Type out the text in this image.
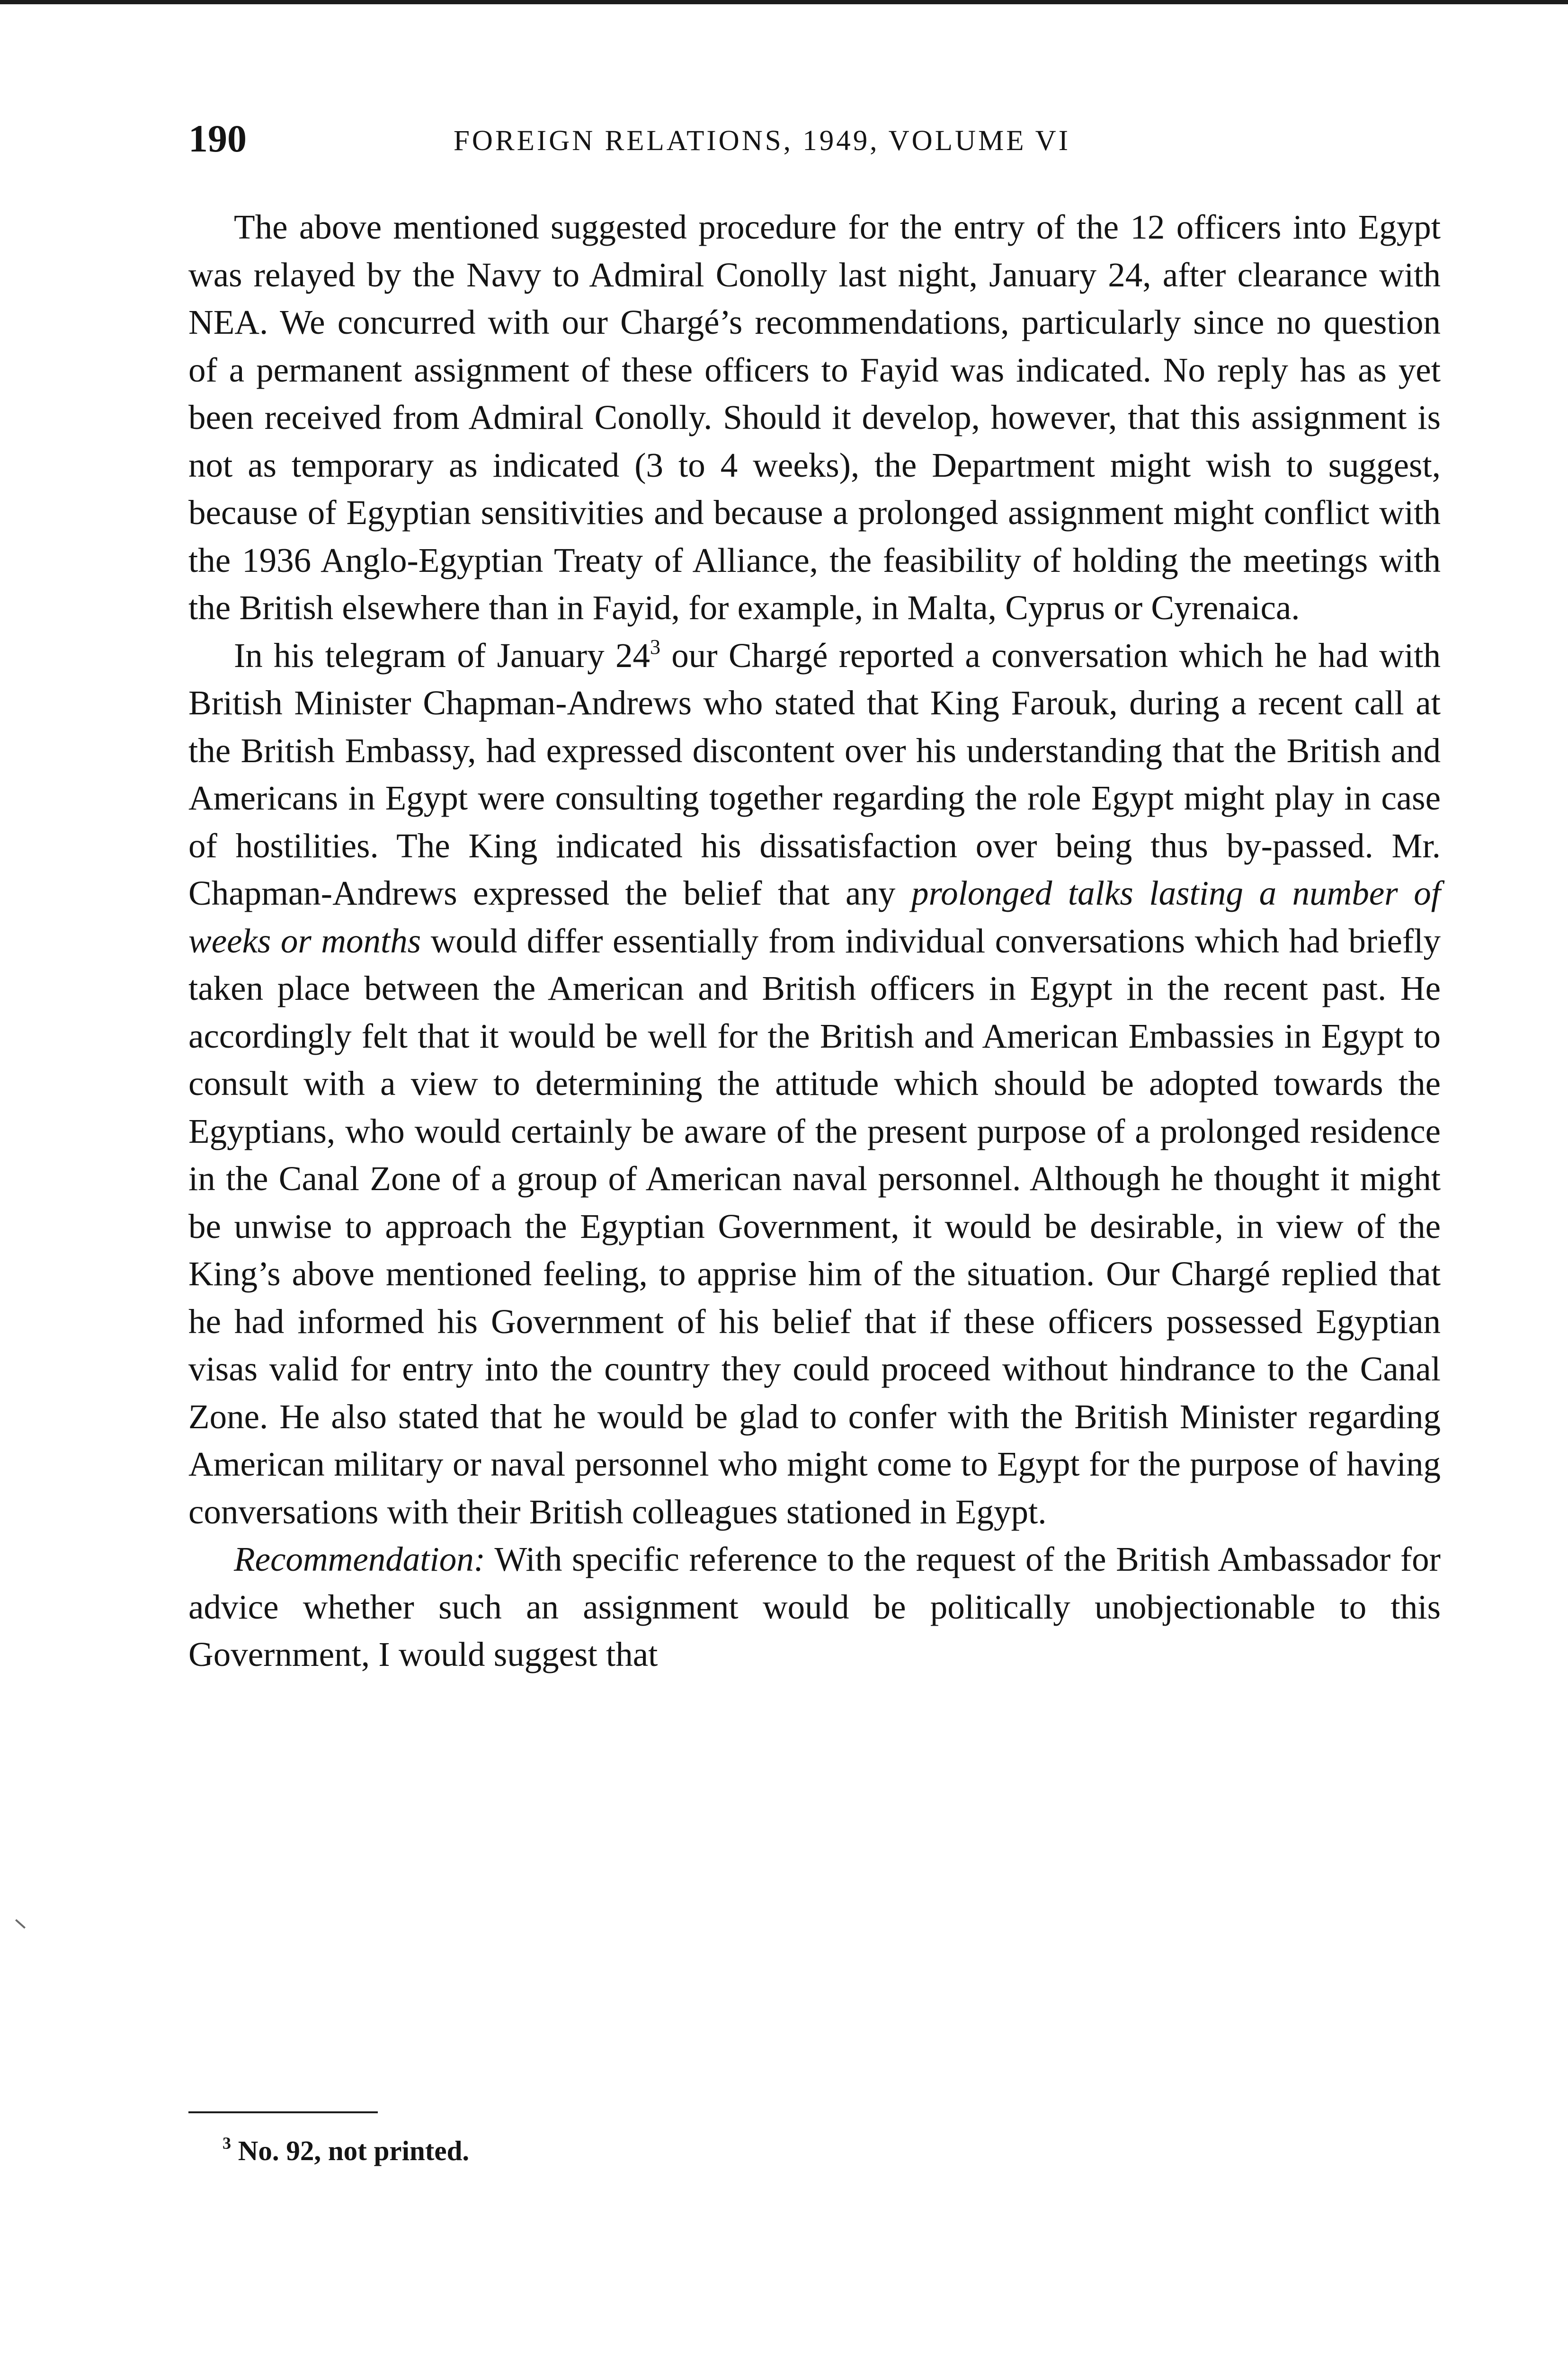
190	FOREIGN RELATIONS, 1949, VOLUME VI

The above mentioned suggested procedure for the entry of the 12 officers into Egypt was relayed by the Navy to Admiral Conolly last night, January 24, after clearance with NEA. We concurred with our Chargé’s recommendations, particularly since no question of a permanent assignment of these officers to Fayid was indicated. No reply has as yet been received from Admiral Conolly. Should it develop, however, that this assignment is not as temporary as indicated (3 to 4 weeks), the Department might wish to suggest, because of Egyptian sensitivities and because a prolonged assignment might conflict with the 1936 Anglo-Egyptian Treaty of Alliance, the feasibility of holding the meetings with the British elsewhere than in Fayid, for example, in Malta, Cyprus or Cyrenaica.

In his telegram of January $24^3$ our Chargé reported a conversation which he had with British Minister Chapman-Andrews who stated that King Farouk, during a recent call at the British Embassy, had expressed discontent over his understanding that the British and Americans in Egypt were consulting together regarding the role Egypt might play in case of hostilities. The King indicated his dissatisfaction over being thus by-passed. Mr. Chapman-Andrews expressed the belief that any prolonged talks lasting a number of weeks or months would differ essentially from individual conversations which had briefly taken place between the American and British officers in Egypt in the recent past. He accordingly felt that it would be well for the British and American Embassies in Egypt to consult with a view to determining the attitude which should be adopted towards the Egyptians, who would certainly be aware of the present purpose of a prolonged residence in the Canal Zone of a group of American naval personnel. Although he thought it might be unwise to approach the Egyptian Government, it would be desirable, in view of the King’s above mentioned feeling, to apprise him of the situation. Our Chargé replied that he had informed his Government of his belief that if these officers possessed Egyptian visas valid for entry into the country they could proceed without hindrance to the Canal Zone. He also stated that he would be glad to confer with the British Minister regarding American military or naval personnel who might come to Egypt for the purpose of having conversations with their British colleagues stationed in Egypt.

Recommendation: With specific reference to the request of the British Ambassador for advice whether such an assignment would be politically unobjectionable to this Government, I would suggest that

$^3$ No. 92, not printed.
